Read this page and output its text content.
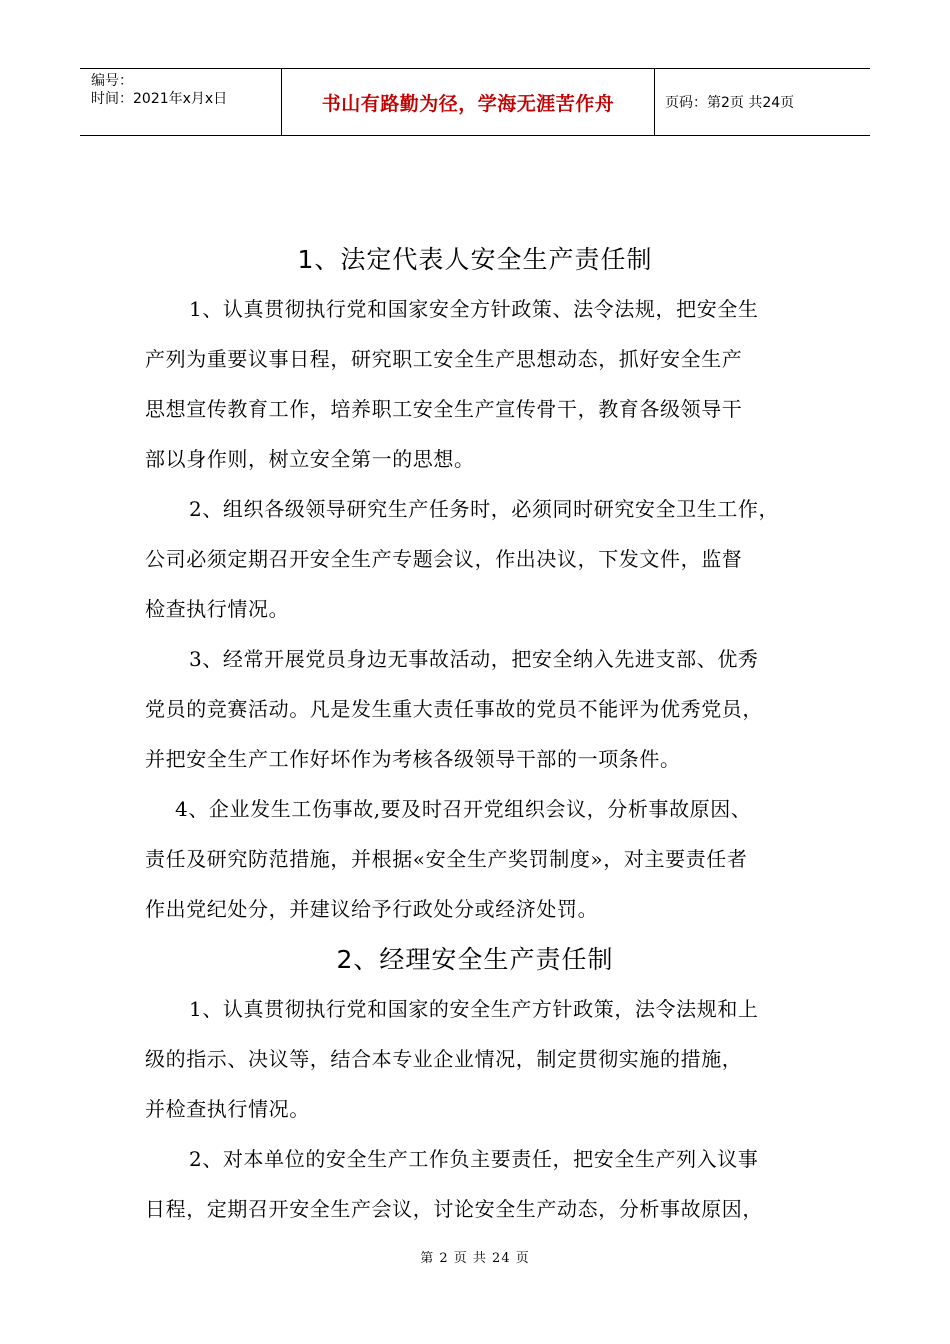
编号：
时间：2021年x月x日	书山有路勤为径，学海无涯苦作舟	页码：第2页 共24页
1、法定代表人安全生产责任制
1、认真贯彻执行党和国家安全方针政策、法令法规，把安全生
产列为重要议事日程，研究职工安全生产思想动态，抓好安全生产
思想宣传教育工作，培养职工安全生产宣传骨干，教育各级领导干
部以身作则，树立安全第一的思想。
2、组织各级领导研究生产任务时，必须同时研究安全卫生工作，
公司必须定期召开安全生产专题会议，作出决议，下发文件，监督
检查执行情况。
3、经常开展党员身边无事故活动，把安全纳入先进支部、优秀
党员的竞赛活动。凡是发生重大责任事故的党员不能评为优秀党员，
并把安全生产工作好坏作为考核各级领导干部的一项条件。
4、企业发生工伤事故,要及时召开党组织会议，分析事故原因、
责任及研究防范措施，并根据«安全生产奖罚制度»，对主要责任者
作出党纪处分，并建议给予行政处分或经济处罚。
2、经理安全生产责任制
1、认真贯彻执行党和国家的安全生产方针政策，法令法规和上
级的指示、决议等，结合本专业企业情况，制定贯彻实施的措施，
并检查执行情况。
2、对本单位的安全生产工作负主要责任，把安全生产列入议事
日程，定期召开安全生产会议，讨论安全生产动态，分析事故原因，
第 2 页 共 24 页
